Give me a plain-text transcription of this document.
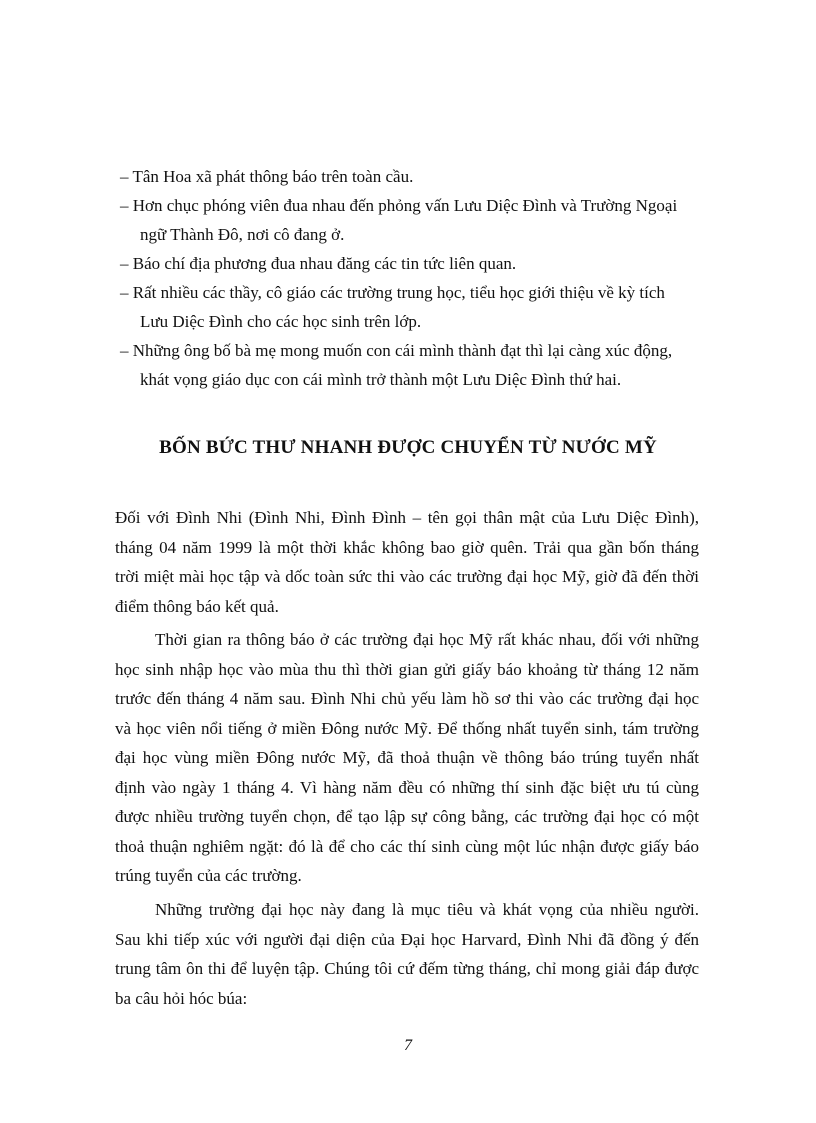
– Tân Hoa xã phát thông báo trên toàn cầu.
– Hơn chục phóng viên đua nhau đến phỏng vấn Lưu Diệc Đình và Trường Ngoại
ngữ Thành Đô, nơi cô đang ở.
– Báo chí địa phương đua nhau đăng các tin tức liên quan.
– Rất nhiều các thầy, cô giáo các trường trung học, tiểu học giới thiệu về kỳ tích
Lưu Diệc Đình cho các học sinh trên lớp.
– Những ông bố bà mẹ mong muốn con cái mình thành đạt thì lại càng xúc động,
khát vọng giáo dục con cái mình trở thành một Lưu Diệc Đình thứ hai.
BỐN BỨC THƯ NHANH ĐƯỢC CHUYỂN TỪ NƯỚC MỸ

Đối với Đình Nhi (Đình Nhi, Đình Đình – tên gọi thân mật của Lưu Diệc Đình),
tháng 04 năm 1999 là một thời khắc không bao giờ quên. Trải qua gần bốn tháng
trời miệt mài học tập và dốc toàn sức thi vào các trường đại học Mỹ, giờ đã đến thời
điểm thông báo kết quả.

Thời gian ra thông báo ở các trường đại học Mỹ rất khác nhau, đối với những
học sinh nhập học vào mùa thu thì thời gian gửi giấy báo khoảng từ tháng 12 năm
trước đến tháng 4 năm sau. Đình Nhi chủ yếu làm hồ sơ thi vào các trường đại học
và học viên nổi tiếng ở miền Đông nước Mỹ. Để thống nhất tuyển sinh, tám trường
đại học vùng miền Đông nước Mỹ, đã thoả thuận về thông báo trúng tuyển nhất
định vào ngày 1 tháng 4. Vì hàng năm đều có những thí sinh đặc biệt ưu tú cùng
được nhiều trường tuyển chọn, để tạo lập sự công bằng, các trường đại học có một
thoả thuận nghiêm ngặt: đó là để cho các thí sinh cùng một lúc nhận được giấy báo
trúng tuyển của các trường.

Những trường đại học này đang là mục tiêu và khát vọng của nhiều người.
Sau khi tiếp xúc với người đại diện của Đại học Harvard, Đình Nhi đã đồng ý đến
trung tâm ôn thi để luyện tập. Chúng tôi cứ đếm từng tháng, chỉ mong giải đáp được
ba câu hỏi hóc búa:

7
